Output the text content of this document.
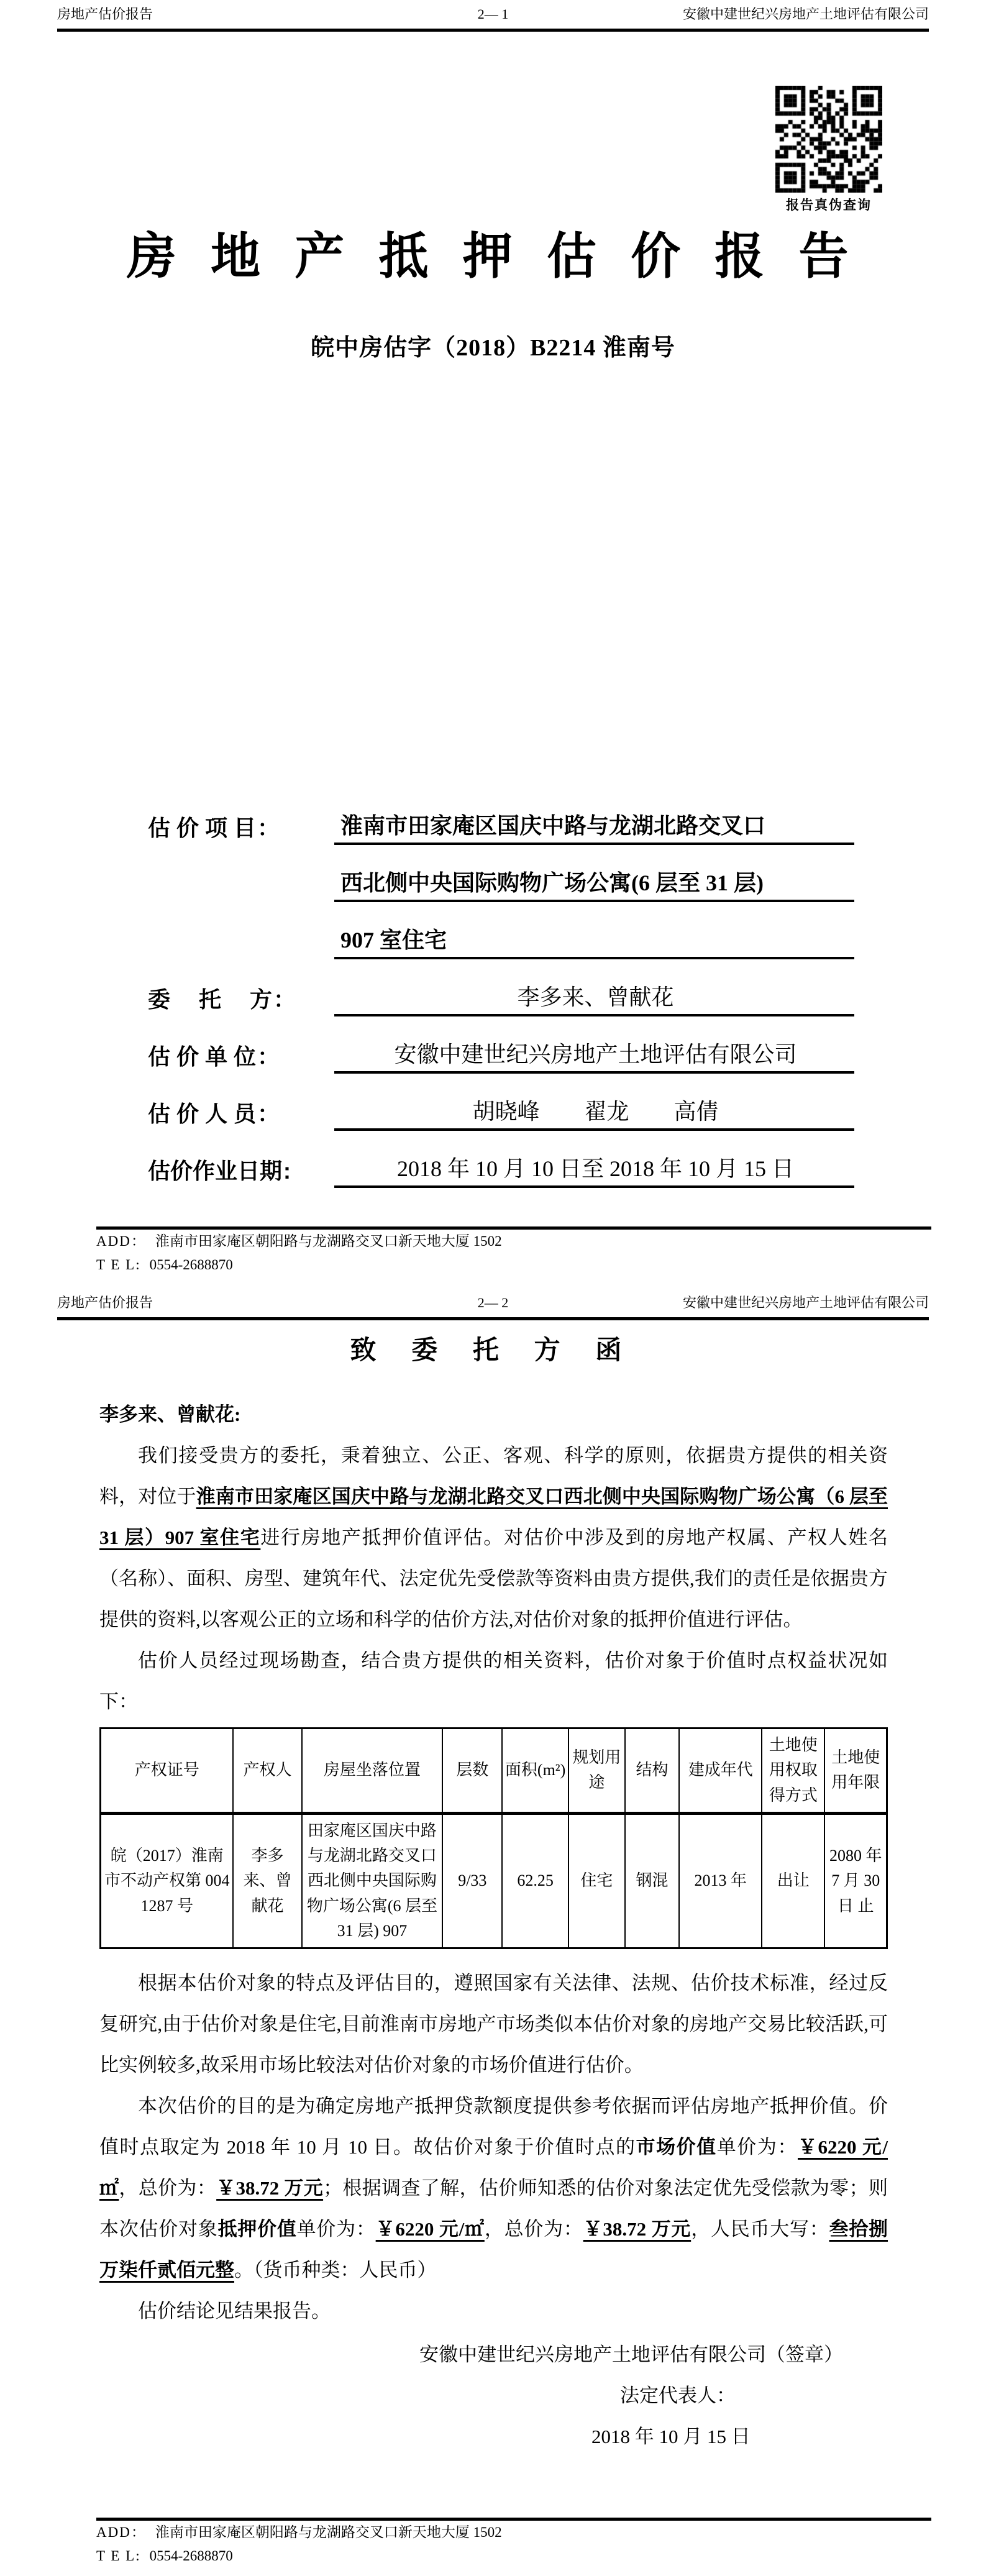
房地产估价报告	2— 1	安徽中建世纪兴房地产土地评估有限公司
报告真伪查询
房 地 产 抵 押 估 价 报 告
皖中房估字（2018）B2214 淮南号
估 价 项 目：	淮南市田家庵区国庆中路与龙湖北路交叉口
西北侧中央国际购物广场公寓(6 层至 31 层)
907 室住宅
委　 托 　方：	李多来、曾献花
估 价 单 位：	安徽中建世纪兴房地产土地评估有限公司
估 价 人 员：	胡晓峰　　翟龙　　高倩
估价作业日期:	2018 年 10 月 10 日至 2018 年 10 月 15 日
ADD： 淮南市田家庵区朝阳路与龙湖路交叉口新天地大厦 1502
T E L: 0554-2688870
房地产估价报告	2— 2	安徽中建世纪兴房地产土地评估有限公司
致 委 托 方 函
李多来、曾献花:

我们接受贵方的委托，秉着独立、公正、客观、科学的原则，依据贵方提供的相关资料，对位于淮南市田家庵区国庆中路与龙湖北路交叉口西北侧中央国际购物广场公寓（6 层至 31 层）907 室住宅进行房地产抵押价值评估。对估价中涉及到的房地产权属、产权人姓名（名称）、面积、房型、建筑年代、法定优先受偿款等资料由贵方提供,我们的责任是依据贵方提供的资料,以客观公正的立场和科学的估价方法,对估价对象的抵押价值进行评估。

估价人员经过现场勘查，结合贵方提供的相关资料，估价对象于价值时点权益状况如下：

产权证号	产权人	房屋坐落位置	层数	面积(m²)	规划用途	结构	建成年代	土地使用权取得方式	土地使用年限
皖（2017）淮南市不动产权第 0041287 号	李多来、曾献花	田家庵区国庆中路与龙湖北路交叉口西北侧中央国际购物广场公寓(6 层至 31 层) 907	9/33	62.25	住宅	钢混	2013 年	出让	2080 年 7 月 30 日 止

根据本估价对象的特点及评估目的，遵照国家有关法律、法规、估价技术标准，经过反复研究,由于估价对象是住宅,目前淮南市房地产市场类似本估价对象的房地产交易比较活跃,可比实例较多,故采用市场比较法对估价对象的市场价值进行估价。

本次估价的目的是为确定房地产抵押贷款额度提供参考依据而评估房地产抵押价值。价值时点取定为 2018 年 10 月 10 日。故估价对象于价值时点的市场价值单价为：￥6220 元/㎡，总价为：￥38.72 万元；根据调查了解，估价师知悉的估价对象法定优先受偿款为零；则本次估价对象抵押价值单价为：￥6220 元/㎡，总价为：￥38.72 万元，人民币大写：叁拾捌万柒仟贰佰元整。（货币种类：人民币）

估价结论见结果报告。

安徽中建世纪兴房地产土地评估有限公司（签章）
法定代表人：
2018 年 10 月 15 日
ADD： 淮南市田家庵区朝阳路与龙湖路交叉口新天地大厦 1502
T E L: 0554-2688870
